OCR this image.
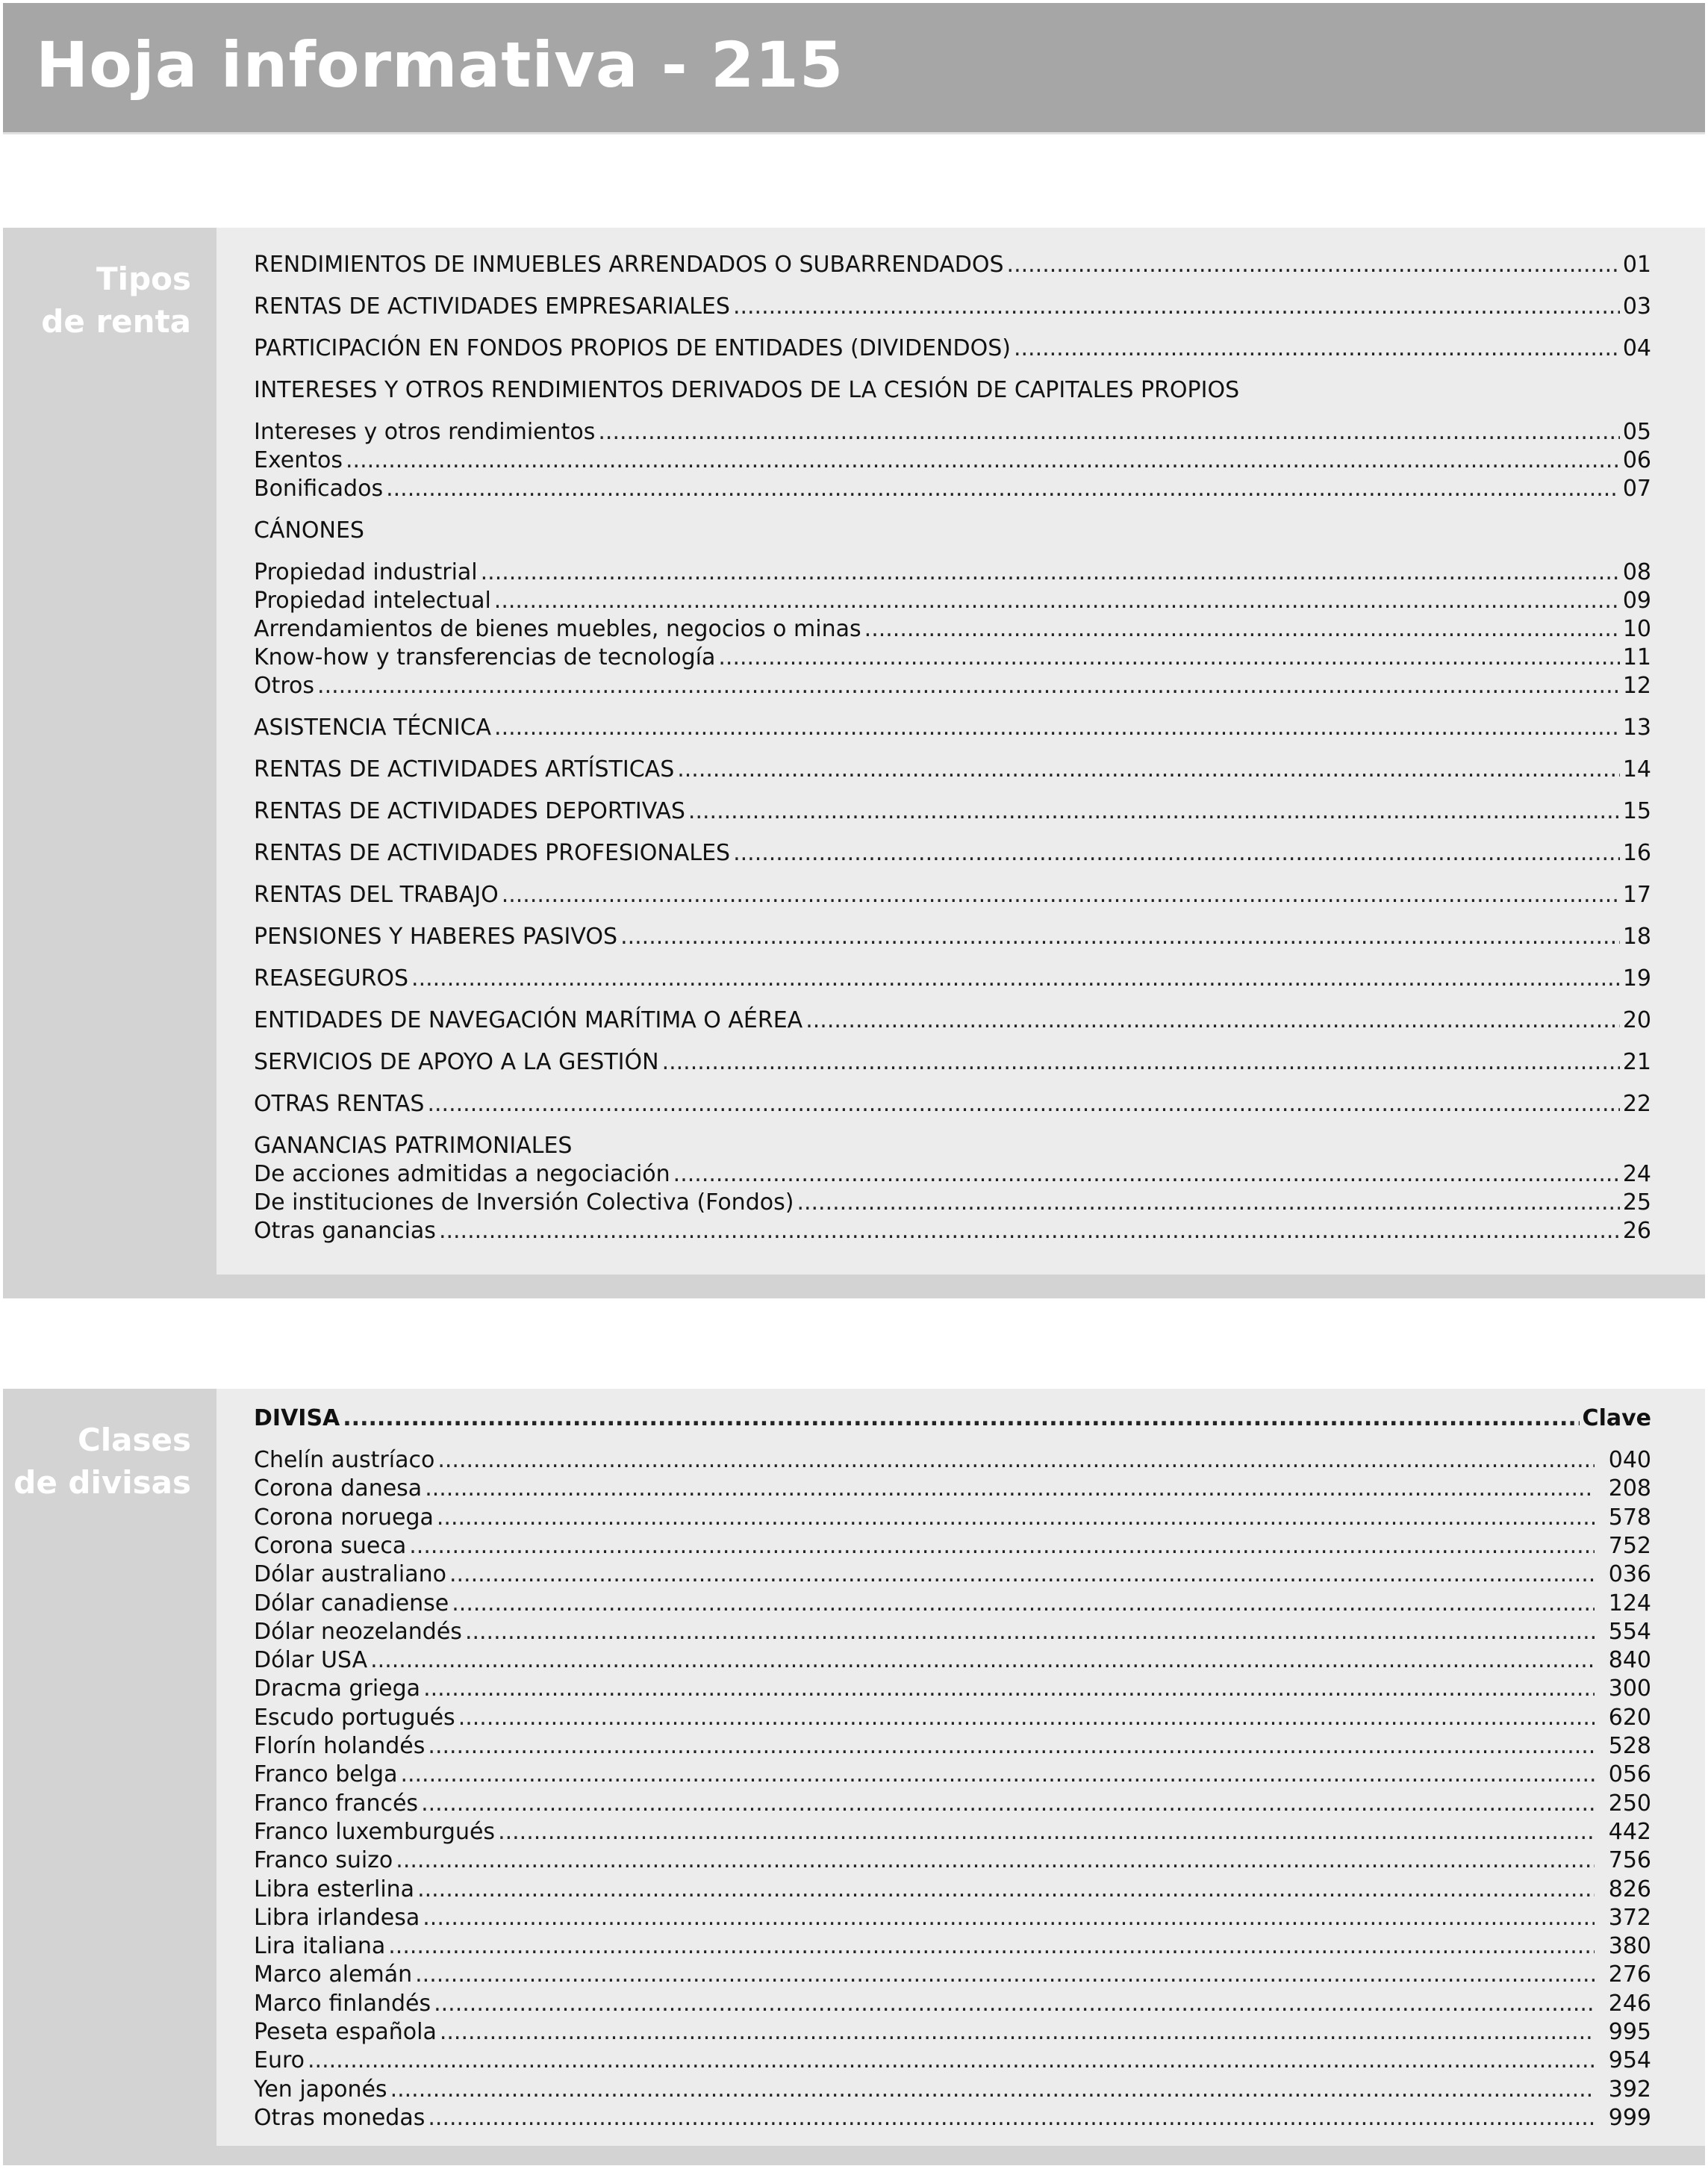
Hoja informativa - 215
Tipos
de renta
RENDIMIENTOS DE INMUEBLES ARRENDADOS O SUBARRENDADOS .....	01
RENTAS DE ACTIVIDADES EMPRESARIALES .....	03
PARTICIPACIÓN EN FONDOS PROPIOS DE ENTIDADES (DIVIDENDOS) .....	04
INTERESES Y OTROS RENDIMIENTOS DERIVADOS DE LA CESIÓN DE CAPITALES PROPIOS
Intereses y otros rendimientos .....	05
Exentos .....	06
Bonificados .....	07
CÁNONES
Propiedad industrial .....	08
Propiedad intelectual .....	09
Arrendamientos de bienes muebles, negocios o minas .....	10
Know-how y transferencias de tecnología .....	11
Otros .....	12
ASISTENCIA TÉCNICA .....	13
RENTAS DE ACTIVIDADES ARTÍSTICAS .....	14
RENTAS DE ACTIVIDADES DEPORTIVAS .....	15
RENTAS DE ACTIVIDADES PROFESIONALES .....	16
RENTAS DEL TRABAJO .....	17
PENSIONES Y HABERES PASIVOS .....	18
REASEGUROS .....	19
ENTIDADES DE NAVEGACIÓN MARÍTIMA O AÉREA .....	20
SERVICIOS DE APOYO A LA GESTIÓN .....	21
OTRAS RENTAS .....	22
GANANCIAS PATRIMONIALES
De acciones admitidas a negociación .....	24
De instituciones de Inversión Colectiva (Fondos) .....	25
Otras ganancias .....	26
Clases
de divisas
DIVISA .....	Clave
Chelín austríaco .....	040
Corona danesa .....	208
Corona noruega .....	578
Corona sueca .....	752
Dólar australiano .....	036
Dólar canadiense .....	124
Dólar neozelandés .....	554
Dólar USA .....	840
Dracma griega .....	300
Escudo portugués .....	620
Florín holandés .....	528
Franco belga .....	056
Franco francés .....	250
Franco luxemburgués .....	442
Franco suizo .....	756
Libra esterlina .....	826
Libra irlandesa .....	372
Lira italiana .....	380
Marco alemán .....	276
Marco finlandés .....	246
Peseta española .....	995
Euro .....	954
Yen japonés .....	392
Otras monedas .....	999
